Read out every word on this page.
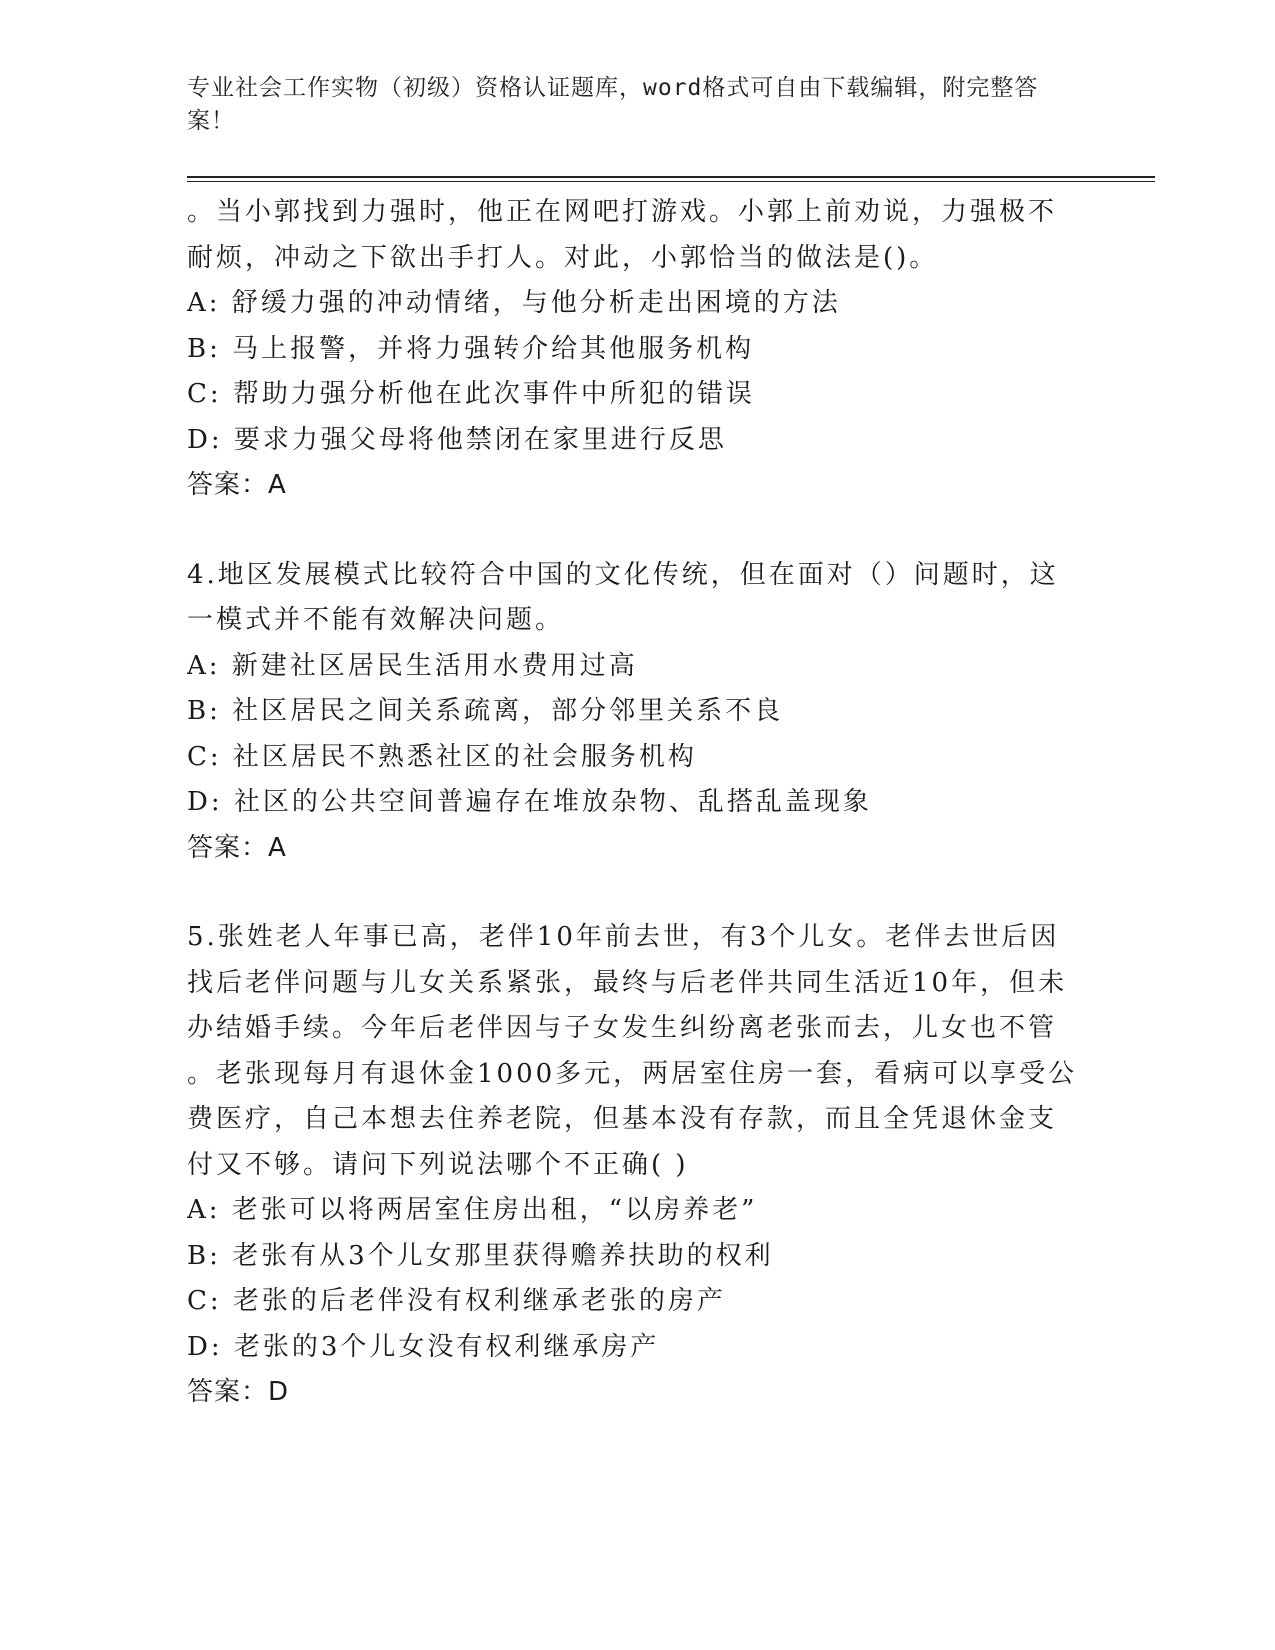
专业社会工作实物（初级）资格认证题库，word格式可自由下载编辑，附完整答
案！
。当小郭找到力强时，他正在网吧打游戏。小郭上前劝说，力强极不
耐烦，冲动之下欲出手打人。对此，小郭恰当的做法是()。
A: 舒缓力强的冲动情绪，与他分析走出困境的方法
B: 马上报警，并将力强转介给其他服务机构
C: 帮助力强分析他在此次事件中所犯的错误
D: 要求力强父母将他禁闭在家里进行反思
答案：A
4.地区发展模式比较符合中国的文化传统，但在面对（）问题时，这
一模式并不能有效解决问题。
A: 新建社区居民生活用水费用过高
B: 社区居民之间关系疏离，部分邻里关系不良
C: 社区居民不熟悉社区的社会服务机构
D: 社区的公共空间普遍存在堆放杂物、乱搭乱盖现象
答案：A
5.张姓老人年事已高，老伴10年前去世，有3个儿女。老伴去世后因
找后老伴问题与儿女关系紧张，最终与后老伴共同生活近10年，但未
办结婚手续。今年后老伴因与子女发生纠纷离老张而去，儿女也不管
。老张现每月有退休金1000多元，两居室住房一套，看病可以享受公
费医疗，自己本想去住养老院，但基本没有存款，而且全凭退休金支
付又不够。请问下列说法哪个不正确( )
A: 老张可以将两居室住房出租，“以房养老”
B: 老张有从3个儿女那里获得赡养扶助的权利
C: 老张的后老伴没有权利继承老张的房产
D: 老张的3个儿女没有权利继承房产
答案：D
